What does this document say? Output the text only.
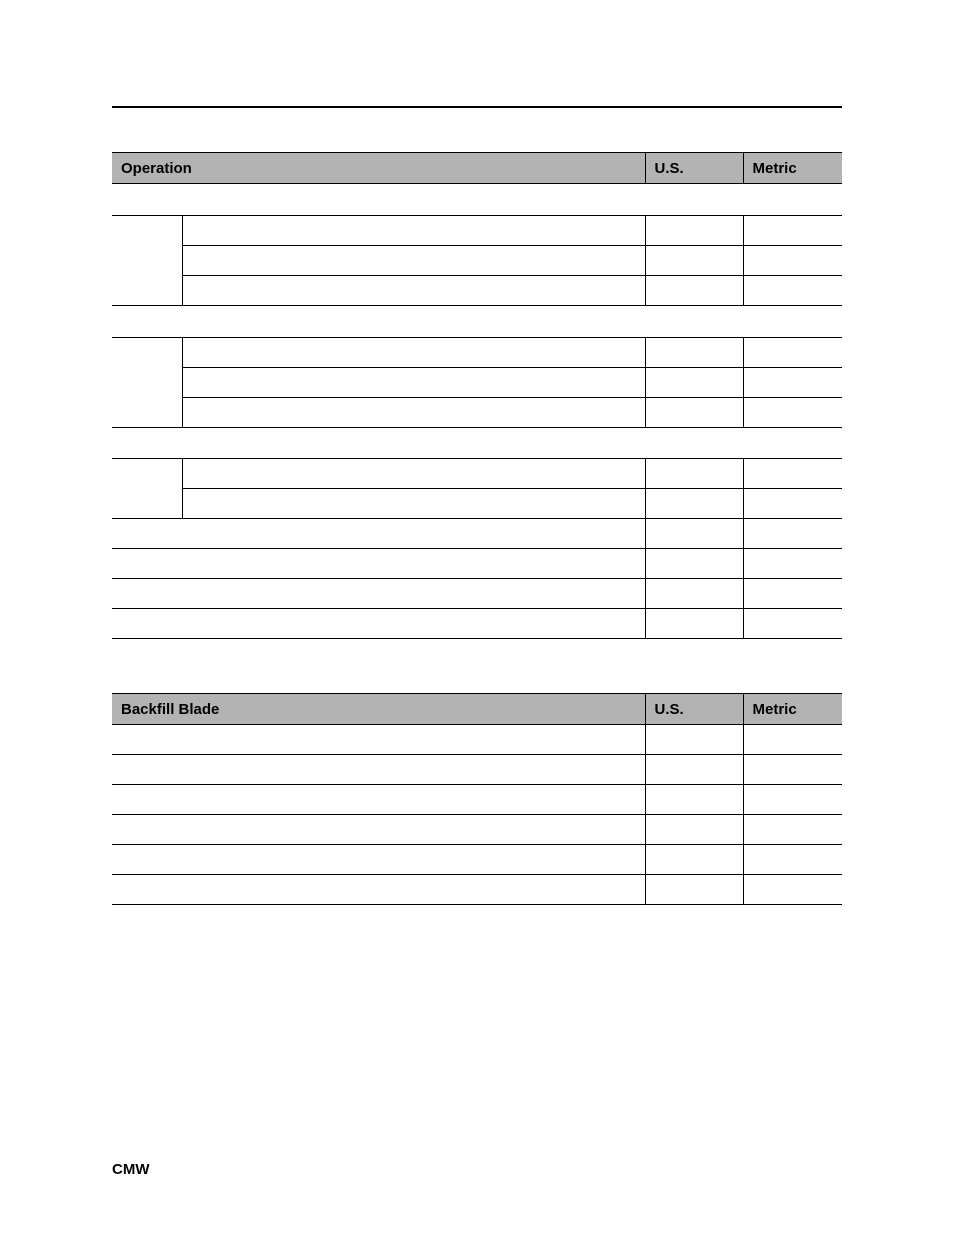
Operation		U.S.	Metric

Backfill Blade	U.S.	Metric

CMW
